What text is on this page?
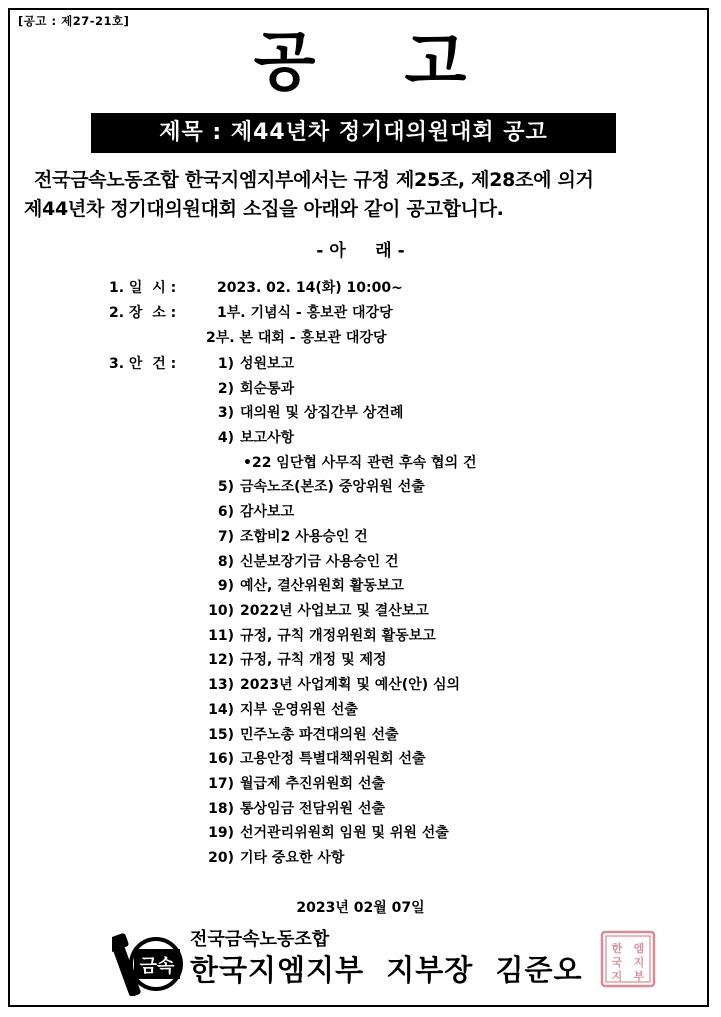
[공고 : 제27-21호]
공 고
제목 : 제44년차 정기대의원대회 공고

전국금속노동조합 한국지엠지부에서는 규정 제25조, 제28조에 의거

제44년차 정기대의원대회 소집을 아래와 같이 공고합니다.

- 아     래 -
1. 일  시 :	2023. 02. 14(화) 10:00~
2. 장  소 :	1부. 기념식 - 홍보관 대강당
2부. 본 대회 - 홍보관 대강당
3. 안  건 :	1) 성원보고
2) 회순통과
3) 대의원 및 상집간부 상견례
4) 보고사항
•22 임단협 사무직 관련 후속 협의 건
5) 금속노조(본조) 중앙위원 선출
6) 감사보고
7) 조합비2 사용승인 건
8) 신분보장기금 사용승인 건
9) 예산, 결산위원회 활동보고
10) 2022년 사업보고 및 결산보고
11) 규정, 규칙 개정위원회 활동보고
12) 규정, 규칙 개정 및 제정
13) 2023년 사업계획 및 예산(안) 심의
14) 지부 운영위원 선출
15) 민주노총 파견대의원 선출
16) 고용안정 특별대책위원회 선출
17) 월급제 추진위원회 선출
18) 통상임금 전담위원 선출
19) 선거관리위원회 임원 및 위원 선출
20) 기타 중요한 사항
2023년 02월 07일
금속
전국금속노동조합
한국지엠지부  지부장  김준오
한
국
지
엠
지
부
